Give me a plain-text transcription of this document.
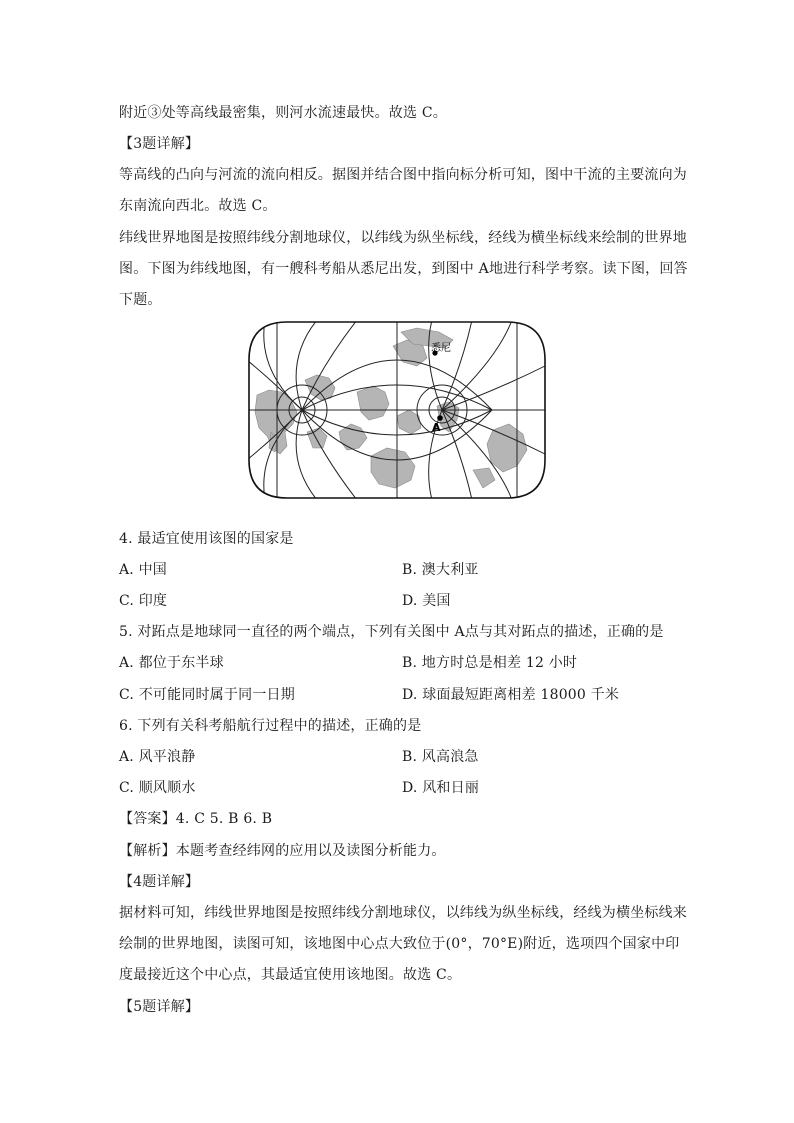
附近③处等高线最密集，则河水流速最快。故选 C。
【3题详解】
等高线的凸向与河流的流向相反。据图并结合图中指向标分析可知，图中干流的主要流向为
东南流向西北。故选 C。
纬线世界地图是按照纬线分割地球仪，以纬线为纵坐标线，经线为横坐标线来绘制的世界地
图。下图为纬线地图，有一艘科考船从悉尼出发，到图中 A地进行科学考察。读下图，回答
下题。
悉尼
A
4. 最适宜使用该图的国家是
A. 中国	B. 澳大利亚
C. 印度	D. 美国
5. 对跖点是地球同一直径的两个端点，下列有关图中 A点与其对跖点的描述，正确的是
A. 都位于东半球	B. 地方时总是相差 12 小时
C. 不可能同时属于同一日期	D. 球面最短距离相差 18000 千米
6. 下列有关科考船航行过程中的描述，正确的是
A. 风平浪静	B. 风高浪急
C. 顺风顺水	D. 风和日丽
【答案】4. C 5. B 6. B
【解析】本题考查经纬网的应用以及读图分析能力。
【4题详解】
据材料可知，纬线世界地图是按照纬线分割地球仪，以纬线为纵坐标线，经线为横坐标线来
绘制的世界地图，读图可知，该地图中心点大致位于(0°，70°E)附近，选项四个国家中印
度最接近这个中心点，其最适宜使用该地图。故选 C。
【5题详解】
